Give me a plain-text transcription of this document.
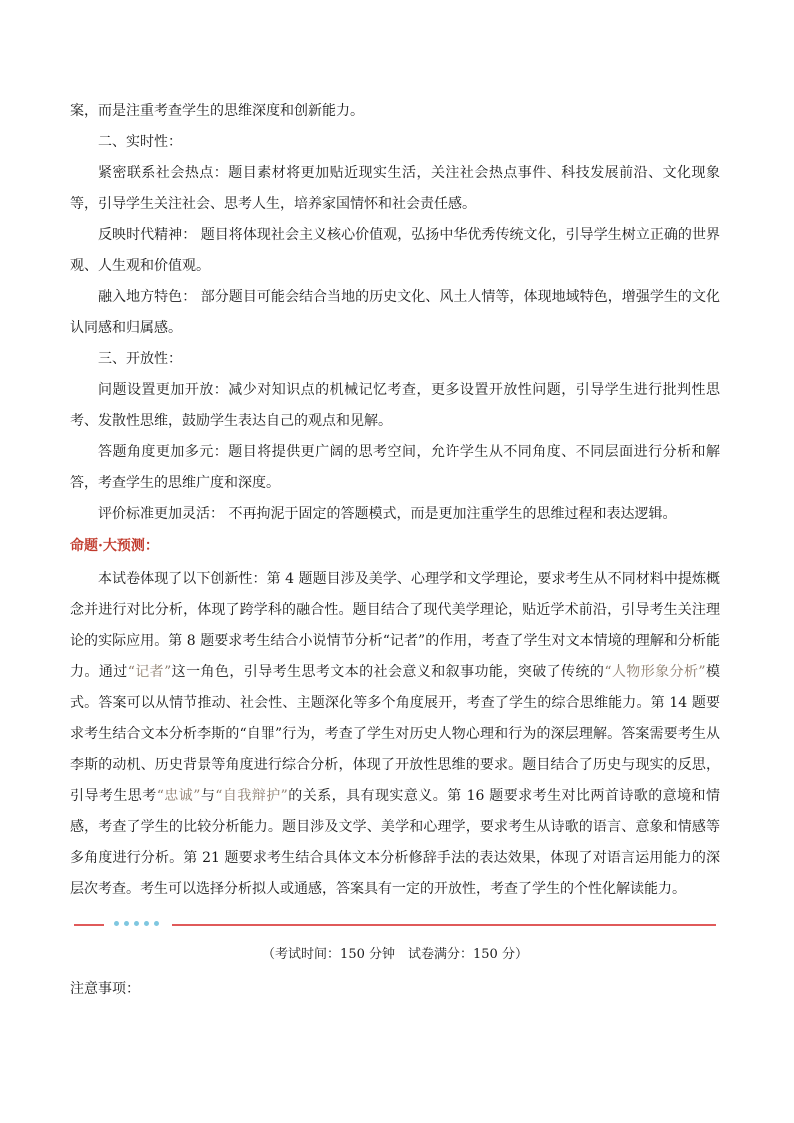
案，而是注重考查学生的思维深度和创新能力。

二、实时性：

紧密联系社会热点：题目素材将更加贴近现实生活，关注社会热点事件、科技发展前沿、文化现象等，引导学生关注社会、思考人生，培养家国情怀和社会责任感。

反映时代精神： 题目将体现社会主义核心价值观，弘扬中华优秀传统文化，引导学生树立正确的世界观、人生观和价值观。

融入地方特色： 部分题目可能会结合当地的历史文化、风土人情等，体现地域特色，增强学生的文化认同感和归属感。

三、开放性：

问题设置更加开放：减少对知识点的机械记忆考查，更多设置开放性问题，引导学生进行批判性思考、发散性思维，鼓励学生表达自己的观点和见解。

答题角度更加多元：题目将提供更广阔的思考空间，允许学生从不同角度、不同层面进行分析和解答，考查学生的思维广度和深度。

评价标准更加灵活： 不再拘泥于固定的答题模式，而是更加注重学生的思维过程和表达逻辑。

命题·大预测：

本试卷体现了以下创新性：第 4 题题目涉及美学、心理学和文学理论，要求考生从不同材料中提炼概念并进行对比分析，体现了跨学科的融合性。题目结合了现代美学理论，贴近学术前沿，引导考生关注理论的实际应用。第 8 题要求考生结合小说情节分析“记者”的作用，考查了学生对文本情境的理解和分析能力。通过“记者”这一角色，引导考生思考文本的社会意义和叙事功能，突破了传统的“人物形象分析”模式。答案可以从情节推动、社会性、主题深化等多个角度展开，考查了学生的综合思维能力。第 14 题要求考生结合文本分析李斯的“自罪”行为，考查了学生对历史人物心理和行为的深层理解。答案需要考生从李斯的动机、历史背景等角度进行综合分析，体现了开放性思维的要求。题目结合了历史与现实的反思，引导考生思考“忠诚”与“自我辩护”的关系，具有现实意义。第 16 题要求考生对比两首诗歌的意境和情感，考查了学生的比较分析能力。题目涉及文学、美学和心理学，要求考生从诗歌的语言、意象和情感等多角度进行分析。第 21 题要求考生结合具体文本分析修辞手法的表达效果，体现了对语言运用能力的深层次考查。考生可以选择分析拟人或通感，答案具有一定的开放性，考查了学生的个性化解读能力。

（考试时间：150 分钟　试卷满分：150 分）

注意事项：
